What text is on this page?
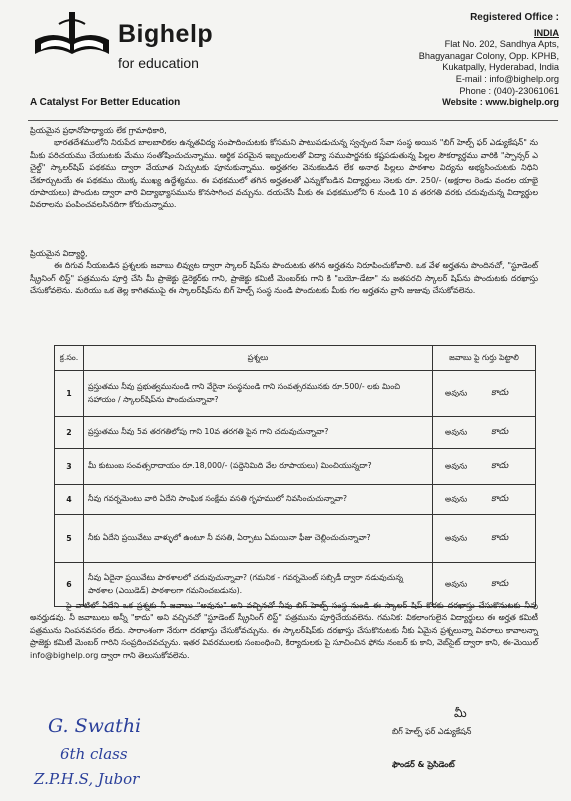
Bighelp
for education
A Catalyst For Better Education
Registered Office :
INDIA
Flat No. 202, Sandhya Apts,
Bhagyanagar Colony, Opp. KPHB,
Kukatpally, Hyderabad, India
E-mail : info@bighelp.org
Phone : (040)-23061061
Website : www.bighelp.org
ప్రియమైన ప్రధానోపాధ్యాయ లేక గ్రామాధికారి,
భారతదేశములోని నిరుపేద బాలబాలికల ఉన్నతవిద్య సంపాదించుటకు కోసమని పాటుపడుచున్న స్వచ్ఛంద సేవా సంస్థ అయిన "బిగ్ హెల్ప్ ఫర్ ఎడ్యుకేషన్" ను మీకు పరిచయము చేయుటకు మేము సంతోషించుచున్నాము. ఆర్థిక పరమైన ఇబ్బందులతో విద్యా సముపార్జనకు కష్టపడుతున్న పిల్లల సౌకర్యార్థము వారికి "స్పాన్సర్ ఎ చైల్డ్" స్కాలర్‌షిప్ పథకము ద్వారా వేయూత నిచ్చుటకు పూనుకున్నాము. అర్హతగల వెనుకబడిన లేక అనాథ పిల్లలు పాఠశాల విద్యను అభ్యసించుటకు నిధిని చేకూర్చుటయే ఈ పథకము యొక్క ముఖ్య ఉద్దేశ్యము. ఈ పథకములో తగిన అర్హతలతో ఎన్నుకోబడిన విద్యార్థులు నెలకు రూ. 250/- (అక్షరాల రెండు వందల యాభై రూపాయలు) పొందుట ద్వారా వారి విద్యాభ్యాసమును కొనసాగించ వచ్చును. దయచేసి మీకు ఈ పథకములోని 6 నుండి 10 వ తరగతి వరకు చదువుచున్న విద్యార్థుల వివరాలను పంపించవలసినదిగా కోరుచున్నాము.
ప్రియమైన విద్యార్థి,
ఈ దిగువ నీయబడిన ప్రశ్నలకు జవాబు లివ్వుట ద్వారా స్కాలర్ షిప్‌ను పొందుటకు తగిన అర్హతను నిరూపించుకోవాలి. ఒక వేళ అర్హతను పొందినచో, "స్టూడెంట్ స్క్రీనింగ్ లిస్ట్" పత్రమును పూర్తి చేసి మీ ప్రాజెక్టు డైరెక్టర్‌కు గాని, ప్రాజెక్టు కమిటీ మెంబర్‌కు గాని కి "బయో-డేటా" ను జతపరచి స్కాలర్ షిప్‌ను పొందుటకు దరఖాస్తు చేసుకోవలెను. మరియు ఒక తెల్ల కాగితముపై ఈ స్కాలర్‌షిప్‌ను బిగ్ హెల్ప్ సంస్థ నుండి పొందుటకు మీకు గల అర్హతను వ్రాసి జుజువు చేసుకోవలెను.
క్ర.సం.	ప్రశ్నలు	జవాబు పై గుర్తు పెట్టాలి
1	ప్రస్తుతము నీవు ప్రభుత్వమునుండి గాని వేరైనా సంస్థనుండి గాని సంవత్సరమునకు రూ.500/- లకు మించి సహాయం / స్కాలర్‌షిప్‌ను పొందుచున్నావా?	అవును కాదు

2	ప్రస్తుతము నీవు 5వ తరగతిలోపు గాని 10వ తరగతి పైన గాని చదువుచున్నావా?	అవును కాదు

3	మీ కుటుంబ సంవత్సరాదాయం రూ.18,000/- (పద్దెనిమిది వేల రూపాయలు) మించియున్నదా?	అవును కాదు

4	నీవు గవర్నమెంటు వారి ఏదేని సాంఘిక సంక్షేమ వసతి గృహములో నివసించుచున్నావా?	అవును కాదు

5	నీకు ఏదేని ప్రయివేటు వాళ్ళులో ఉంటూ నీ వసతి, ఏర్పాటు ఏమయినా ఫీజు చెల్లించుచున్నావా?	అవును కాదు

6	నీవు ఏదైనా ప్రయివేటు పాఠశాలలో చదువుచున్నావా? (గమనిక - గవర్నమెంట్ సబ్సిడీ ద్వారా నడువుచున్న పాఠశాల (ఎయిడెడ్) పాఠశాలగా గమనించబడును).	అవును కాదు
పై వాటిలో ఏదేని ఒక ప్రశ్నకు నీ జవాబు "అవును" అని వచ్చినచో నీవు బిగ్ హెల్ప్ సంస్థ నుండి ఈ స్కాలర్ షిప్ కొరకు దరఖాస్తు చేసుకొనుటకు నీవు అనర్హుడవు. నీ జవాబులు అన్నీ "కాదు" అని వచ్చినచో "స్టూడెంట్ స్క్రీనింగ్ లిస్ట్" పత్రమును పూర్తిచేయవలెను. గమనిక: వికలాంగులైన విద్యార్థులు ఈ అర్హత కమిటీ పత్రమును నింపనవసరం లేదు. సారాంశంగా నేరుగా దరఖాస్తు చేసుకోవచ్చును. ఈ స్కాలర్‌షిప్‌కు దరఖాస్తు చేసుకొనుటకు నీకు ఏమైన ప్రశ్నలున్నా వివరాలు కావాలన్నా ప్రాజెక్టు కమిటీ మెంబర్‌ గారిని సంప్రదించవచ్చును. ఇతర వివరములకు సంబంధించి, కిర్యాదులకు పై సూచించిన ఫోను నంబర్ కు కాని, వెబ్‌సైట్ ద్వారా కాని, ఈ-మెయిల్ info@bighelp.org ద్వారా గాని తెలుసుకోవలెను.
మీ
బిగ్ హెల్ప్ ఫర్ ఎడ్యుకేషన్
ఫౌండర్ & ప్రెసిడెంట్
G. Swathi
6th class
Z.P.H.S, Jubor
